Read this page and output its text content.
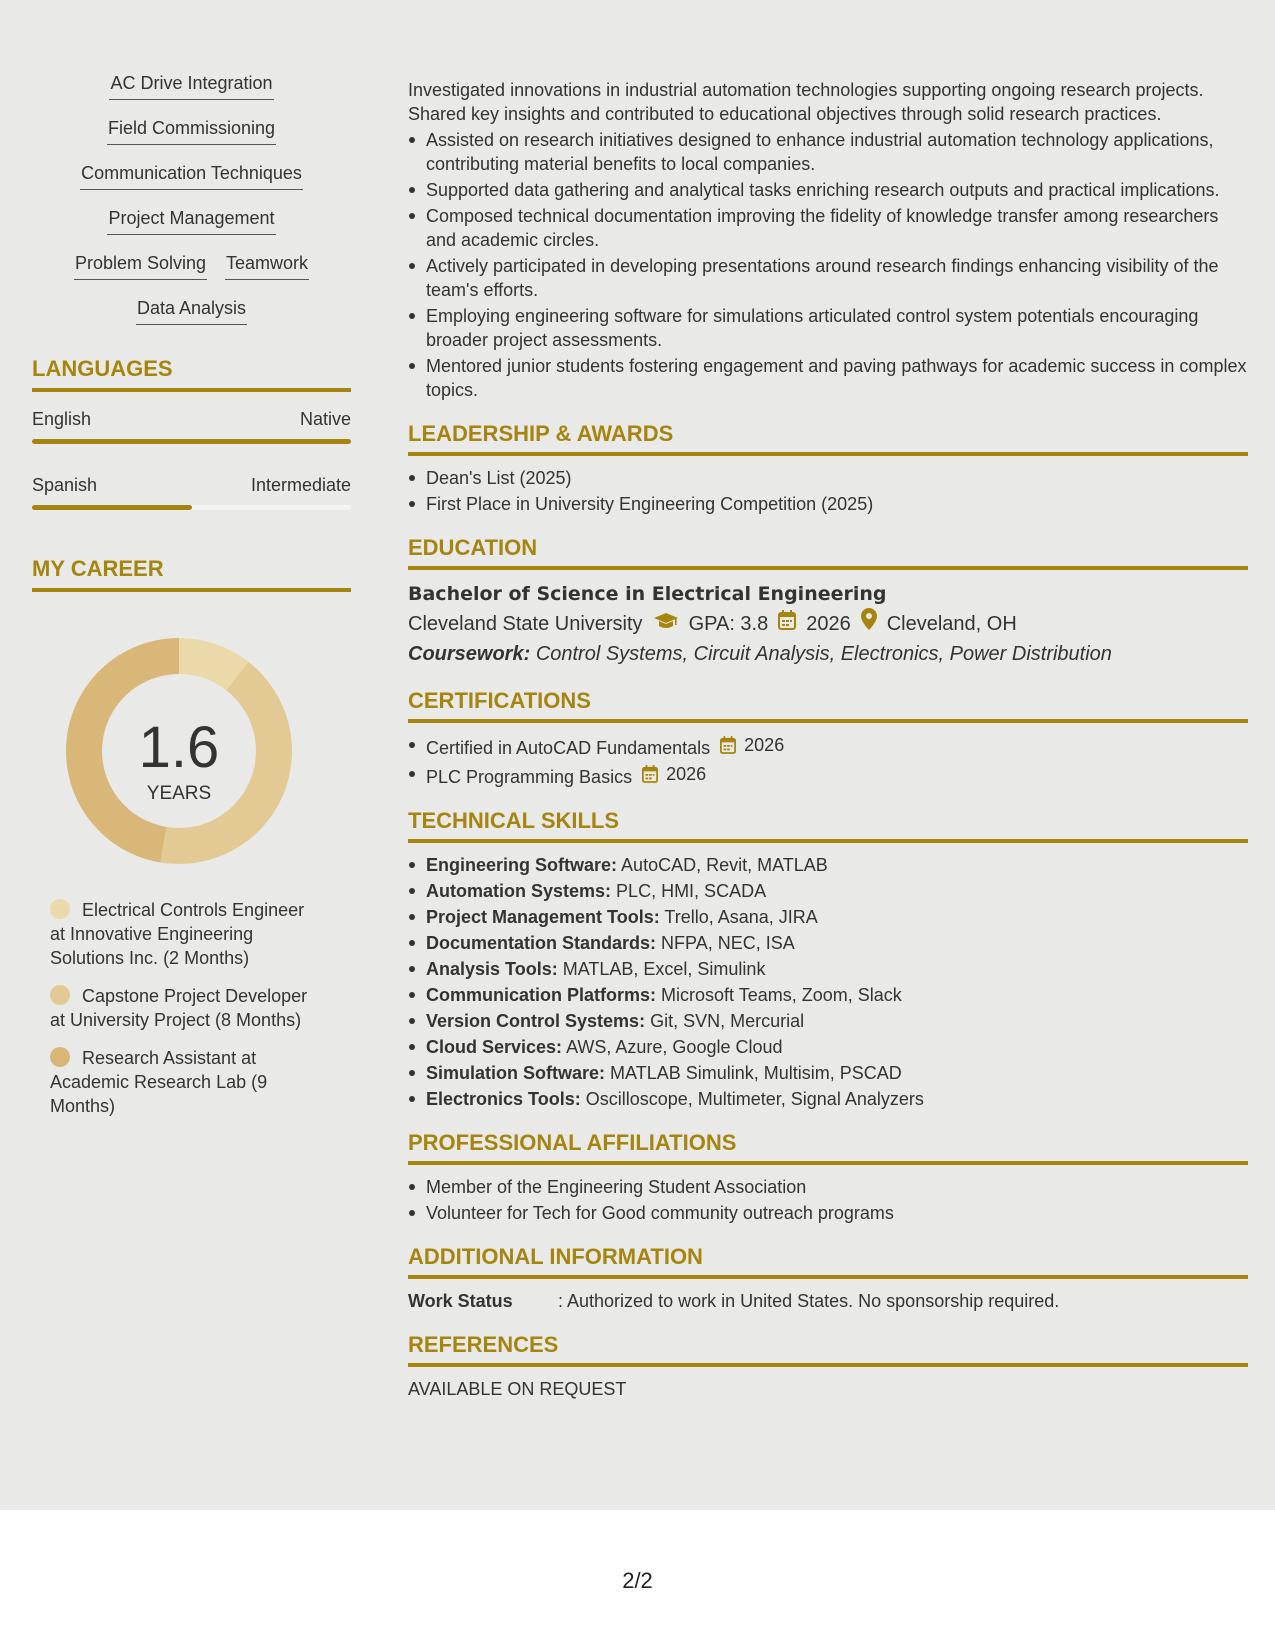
AC Drive Integration
Field Commissioning
Communication Techniques
Project Management
Problem Solving Teamwork
Data Analysis
LANGUAGES
English	Native
Spanish	Intermediate
MY CAREER
1.6
YEARS
Electrical Controls Engineer at Innovative Engineering Solutions Inc. (2 Months)
Capstone Project Developer at University Project (8 Months)
Research Assistant at Academic Research Lab (9 Months)

Investigated innovations in industrial automation technologies supporting ongoing research projects. Shared key insights and contributed to educational objectives through solid research practices.

Assisted on research initiatives designed to enhance industrial automation technology applications, contributing material benefits to local companies.
Supported data gathering and analytical tasks enriching research outputs and practical implications.
Composed technical documentation improving the fidelity of knowledge transfer among researchers and academic circles.
Actively participated in developing presentations around research findings enhancing visibility of the team's efforts.
Employing engineering software for simulations articulated control system potentials encouraging broader project assessments.
Mentored junior students fostering engagement and paving pathways for academic success in complex topics.
LEADERSHIP & AWARDS
Dean's List (2025)
First Place in University Engineering Competition (2025)
EDUCATION
Bachelor of Science in Electrical Engineering
Cleveland State University GPA: 3.8 2026 Cleveland, OH
Coursework: Control Systems, Circuit Analysis, Electronics, Power Distribution
CERTIFICATIONS
Certified in AutoCAD Fundamentals 2026
PLC Programming Basics 2026
TECHNICAL SKILLS
Engineering Software: AutoCAD, Revit, MATLAB
Automation Systems: PLC, HMI, SCADA
Project Management Tools: Trello, Asana, JIRA
Documentation Standards: NFPA, NEC, ISA
Analysis Tools: MATLAB, Excel, Simulink
Communication Platforms: Microsoft Teams, Zoom, Slack
Version Control Systems: Git, SVN, Mercurial
Cloud Services: AWS, Azure, Google Cloud
Simulation Software: MATLAB Simulink, Multisim, PSCAD
Electronics Tools: Oscilloscope, Multimeter, Signal Analyzers
PROFESSIONAL AFFILIATIONS
Member of the Engineering Student Association
Volunteer for Tech for Good community outreach programs
ADDITIONAL INFORMATION
Work Status	: Authorized to work in United States. No sponsorship required.
REFERENCES
AVAILABLE ON REQUEST
2/2
